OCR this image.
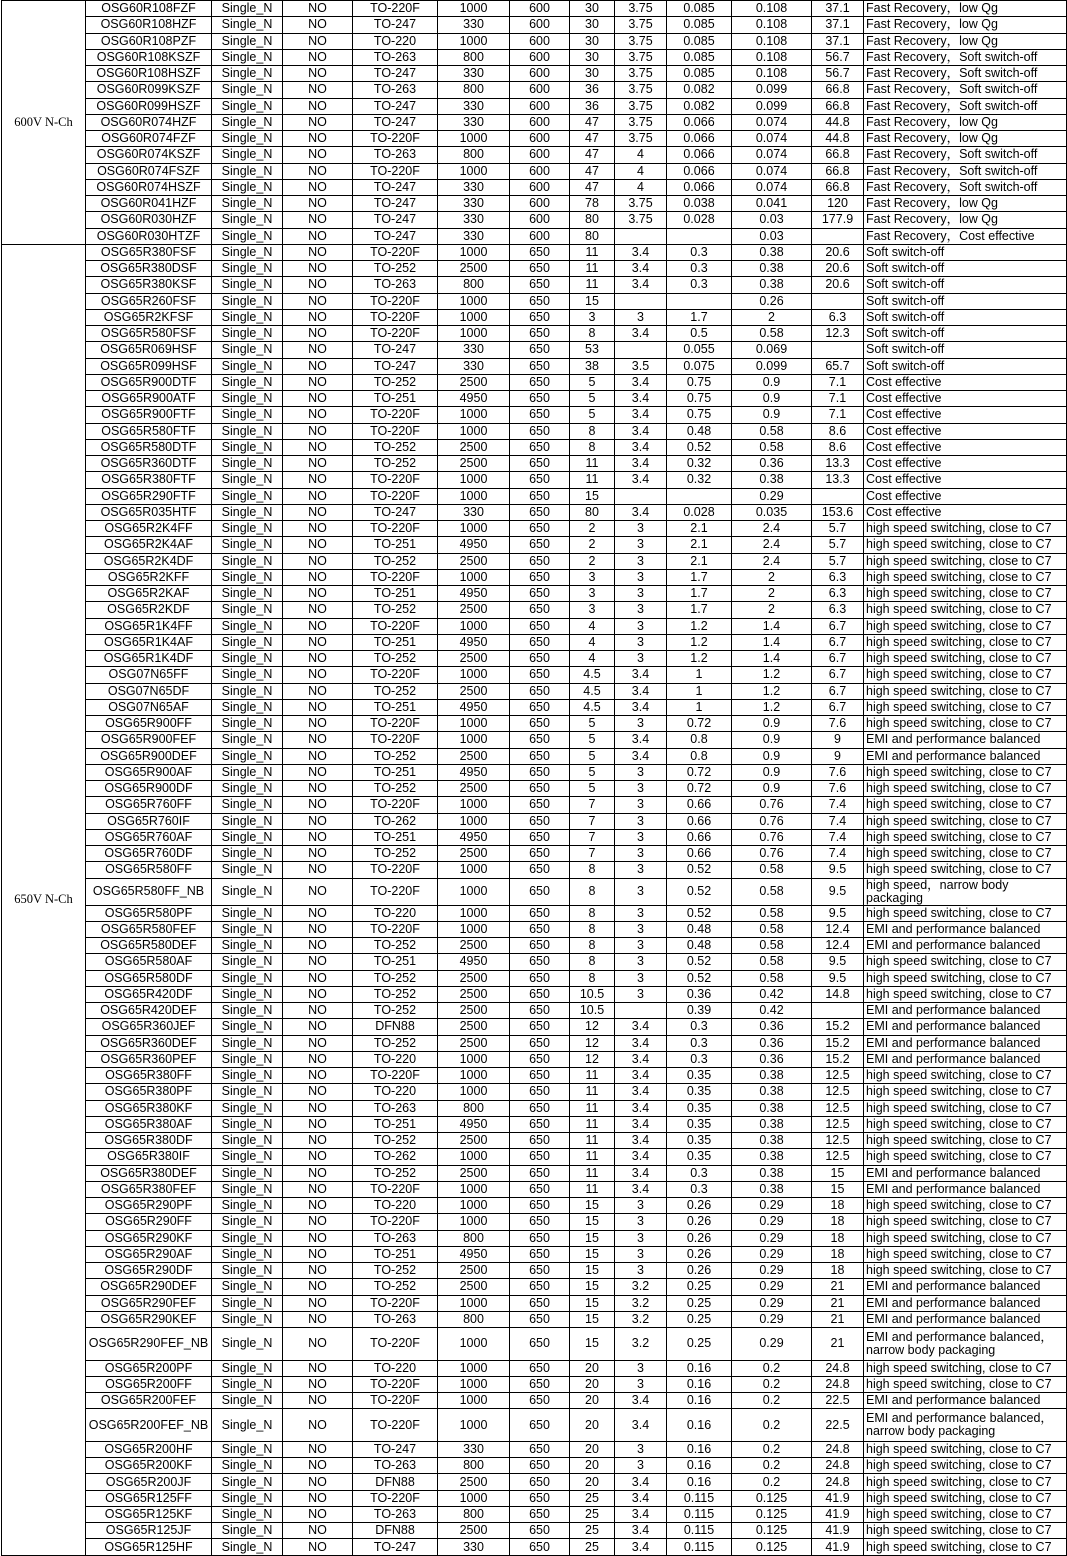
600V N-Ch	OSG60R108FZF	Single_N	NO	TO-220F	1000	600	30	3.75	0.085	0.108	37.1	Fast Recovery，low Qg
	OSG60R108HZF	Single_N	NO	TO-247	330	600	30	3.75	0.085	0.108	37.1	Fast Recovery，low Qg
	OSG60R108PZF	Single_N	NO	TO-220	1000	600	30	3.75	0.085	0.108	37.1	Fast Recovery，low Qg
	OSG60R108KSZF	Single_N	NO	TO-263	800	600	30	3.75	0.085	0.108	56.7	Fast Recovery，Soft switch-off
	OSG60R108HSZF	Single_N	NO	TO-247	330	600	30	3.75	0.085	0.108	56.7	Fast Recovery，Soft switch-off
	OSG60R099KSZF	Single_N	NO	TO-263	800	600	36	3.75	0.082	0.099	66.8	Fast Recovery，Soft switch-off
	OSG60R099HSZF	Single_N	NO	TO-247	330	600	36	3.75	0.082	0.099	66.8	Fast Recovery，Soft switch-off
	OSG60R074HZF	Single_N	NO	TO-247	330	600	47	3.75	0.066	0.074	44.8	Fast Recovery，low Qg
	OSG60R074FZF	Single_N	NO	TO-220F	1000	600	47	3.75	0.066	0.074	44.8	Fast Recovery，low Qg
	OSG60R074KSZF	Single_N	NO	TO-263	800	600	47	4	0.066	0.074	66.8	Fast Recovery，Soft switch-off
	OSG60R074FSZF	Single_N	NO	TO-220F	1000	600	47	4	0.066	0.074	66.8	Fast Recovery，Soft switch-off
	OSG60R074HSZF	Single_N	NO	TO-247	330	600	47	4	0.066	0.074	66.8	Fast Recovery，Soft switch-off
	OSG60R041HZF	Single_N	NO	TO-247	330	600	78	3.75	0.038	0.041	120	Fast Recovery，low Qg
	OSG60R030HZF	Single_N	NO	TO-247	330	600	80	3.75	0.028	0.03	177.9	Fast Recovery，low Qg
	OSG60R030HTZF	Single_N	NO	TO-247	330	600	80			0.03		Fast Recovery，Cost effective
650V N-Ch	OSG65R380FSF	Single_N	NO	TO-220F	1000	650	11	3.4	0.3	0.38	20.6	Soft switch-off
	OSG65R380DSF	Single_N	NO	TO-252	2500	650	11	3.4	0.3	0.38	20.6	Soft switch-off
	OSG65R380KSF	Single_N	NO	TO-263	800	650	11	3.4	0.3	0.38	20.6	Soft switch-off
	OSG65R260FSF	Single_N	NO	TO-220F	1000	650	15			0.26		Soft switch-off
	OSG65R2KFSF	Single_N	NO	TO-220F	1000	650	3	3	1.7	2	6.3	Soft switch-off
	OSG65R580FSF	Single_N	NO	TO-220F	1000	650	8	3.4	0.5	0.58	12.3	Soft switch-off
	OSG65R069HSF	Single_N	NO	TO-247	330	650	53		0.055	0.069		Soft switch-off
	OSG65R099HSF	Single_N	NO	TO-247	330	650	38	3.5	0.075	0.099	65.7	Soft switch-off
	OSG65R900DTF	Single_N	NO	TO-252	2500	650	5	3.4	0.75	0.9	7.1	Cost effective
	OSG65R900ATF	Single_N	NO	TO-251	4950	650	5	3.4	0.75	0.9	7.1	Cost effective
	OSG65R900FTF	Single_N	NO	TO-220F	1000	650	5	3.4	0.75	0.9	7.1	Cost effective
	OSG65R580FTF	Single_N	NO	TO-220F	1000	650	8	3.4	0.48	0.58	8.6	Cost effective
	OSG65R580DTF	Single_N	NO	TO-252	2500	650	8	3.4	0.52	0.58	8.6	Cost effective
	OSG65R360DTF	Single_N	NO	TO-252	2500	650	11	3.4	0.32	0.36	13.3	Cost effective
	OSG65R380FTF	Single_N	NO	TO-220F	1000	650	11	3.4	0.32	0.38	13.3	Cost effective
	OSG65R290FTF	Single_N	NO	TO-220F	1000	650	15			0.29		Cost effective
	OSG65R035HTF	Single_N	NO	TO-247	330	650	80	3.4	0.028	0.035	153.6	Cost effective
	OSG65R2K4FF	Single_N	NO	TO-220F	1000	650	2	3	2.1	2.4	5.7	high speed switching, close to C7
	OSG65R2K4AF	Single_N	NO	TO-251	4950	650	2	3	2.1	2.4	5.7	high speed switching, close to C7
	OSG65R2K4DF	Single_N	NO	TO-252	2500	650	2	3	2.1	2.4	5.7	high speed switching, close to C7
	OSG65R2KFF	Single_N	NO	TO-220F	1000	650	3	3	1.7	2	6.3	high speed switching, close to C7
	OSG65R2KAF	Single_N	NO	TO-251	4950	650	3	3	1.7	2	6.3	high speed switching, close to C7
	OSG65R2KDF	Single_N	NO	TO-252	2500	650	3	3	1.7	2	6.3	high speed switching, close to C7
	OSG65R1K4FF	Single_N	NO	TO-220F	1000	650	4	3	1.2	1.4	6.7	high speed switching, close to C7
	OSG65R1K4AF	Single_N	NO	TO-251	4950	650	4	3	1.2	1.4	6.7	high speed switching, close to C7
	OSG65R1K4DF	Single_N	NO	TO-252	2500	650	4	3	1.2	1.4	6.7	high speed switching, close to C7
	OSG07N65FF	Single_N	NO	TO-220F	1000	650	4.5	3.4	1	1.2	6.7	high speed switching, close to C7
	OSG07N65DF	Single_N	NO	TO-252	2500	650	4.5	3.4	1	1.2	6.7	high speed switching, close to C7
	OSG07N65AF	Single_N	NO	TO-251	4950	650	4.5	3.4	1	1.2	6.7	high speed switching, close to C7
	OSG65R900FF	Single_N	NO	TO-220F	1000	650	5	3	0.72	0.9	7.6	high speed switching, close to C7
	OSG65R900FEF	Single_N	NO	TO-220F	1000	650	5	3.4	0.8	0.9	9	EMI and performance balanced
	OSG65R900DEF	Single_N	NO	TO-252	2500	650	5	3.4	0.8	0.9	9	EMI and performance balanced
	OSG65R900AF	Single_N	NO	TO-251	4950	650	5	3	0.72	0.9	7.6	high speed switching, close to C7
	OSG65R900DF	Single_N	NO	TO-252	2500	650	5	3	0.72	0.9	7.6	high speed switching, close to C7
	OSG65R760FF	Single_N	NO	TO-220F	1000	650	7	3	0.66	0.76	7.4	high speed switching, close to C7
	OSG65R760IF	Single_N	NO	TO-262	1000	650	7	3	0.66	0.76	7.4	high speed switching, close to C7
	OSG65R760AF	Single_N	NO	TO-251	4950	650	7	3	0.66	0.76	7.4	high speed switching, close to C7
	OSG65R760DF	Single_N	NO	TO-252	2500	650	7	3	0.66	0.76	7.4	high speed switching, close to C7
	OSG65R580FF	Single_N	NO	TO-220F	1000	650	8	3	0.52	0.58	9.5	high speed switching, close to C7
	OSG65R580FF_NB	Single_N	NO	TO-220F	1000	650	8	3	0.52	0.58	9.5	high speed，narrow body packaging
	OSG65R580PF	Single_N	NO	TO-220	1000	650	8	3	0.52	0.58	9.5	high speed switching, close to C7
	OSG65R580FEF	Single_N	NO	TO-220F	1000	650	8	3	0.48	0.58	12.4	EMI and performance balanced
	OSG65R580DEF	Single_N	NO	TO-252	2500	650	8	3	0.48	0.58	12.4	EMI and performance balanced
	OSG65R580AF	Single_N	NO	TO-251	4950	650	8	3	0.52	0.58	9.5	high speed switching, close to C7
	OSG65R580DF	Single_N	NO	TO-252	2500	650	8	3	0.52	0.58	9.5	high speed switching, close to C7
	OSG65R420DF	Single_N	NO	TO-252	2500	650	10.5	3	0.36	0.42	14.8	high speed switching, close to C7
	OSG65R420DEF	Single_N	NO	TO-252	2500	650	10.5		0.39	0.42		EMI and performance balanced
	OSG65R360JEF	Single_N	NO	DFN88	2500	650	12	3.4	0.3	0.36	15.2	EMI and performance balanced
	OSG65R360DEF	Single_N	NO	TO-252	2500	650	12	3.4	0.3	0.36	15.2	EMI and performance balanced
	OSG65R360PEF	Single_N	NO	TO-220	1000	650	12	3.4	0.3	0.36	15.2	EMI and performance balanced
	OSG65R380FF	Single_N	NO	TO-220F	1000	650	11	3.4	0.35	0.38	12.5	high speed switching, close to C7
	OSG65R380PF	Single_N	NO	TO-220	1000	650	11	3.4	0.35	0.38	12.5	high speed switching, close to C7
	OSG65R380KF	Single_N	NO	TO-263	800	650	11	3.4	0.35	0.38	12.5	high speed switching, close to C7
	OSG65R380AF	Single_N	NO	TO-251	4950	650	11	3.4	0.35	0.38	12.5	high speed switching, close to C7
	OSG65R380DF	Single_N	NO	TO-252	2500	650	11	3.4	0.35	0.38	12.5	high speed switching, close to C7
	OSG65R380IF	Single_N	NO	TO-262	1000	650	11	3.4	0.35	0.38	12.5	high speed switching, close to C7
	OSG65R380DEF	Single_N	NO	TO-252	2500	650	11	3.4	0.3	0.38	15	EMI and performance balanced
	OSG65R380FEF	Single_N	NO	TO-220F	1000	650	11	3.4	0.3	0.38	15	EMI and performance balanced
	OSG65R290PF	Single_N	NO	TO-220	1000	650	15	3	0.26	0.29	18	high speed switching, close to C7
	OSG65R290FF	Single_N	NO	TO-220F	1000	650	15	3	0.26	0.29	18	high speed switching, close to C7
	OSG65R290KF	Single_N	NO	TO-263	800	650	15	3	0.26	0.29	18	high speed switching, close to C7
	OSG65R290AF	Single_N	NO	TO-251	4950	650	15	3	0.26	0.29	18	high speed switching, close to C7
	OSG65R290DF	Single_N	NO	TO-252	2500	650	15	3	0.26	0.29	18	high speed switching, close to C7
	OSG65R290DEF	Single_N	NO	TO-252	2500	650	15	3.2	0.25	0.29	21	EMI and performance balanced
	OSG65R290FEF	Single_N	NO	TO-220F	1000	650	15	3.2	0.25	0.29	21	EMI and performance balanced
	OSG65R290KEF	Single_N	NO	TO-263	800	650	15	3.2	0.25	0.29	21	EMI and performance balanced
	OSG65R290FEF_NB	Single_N	NO	TO-220F	1000	650	15	3.2	0.25	0.29	21	EMI and performance balanced，narrow body packaging
	OSG65R200PF	Single_N	NO	TO-220	1000	650	20	3	0.16	0.2	24.8	high speed switching, close to C7
	OSG65R200FF	Single_N	NO	TO-220F	1000	650	20	3	0.16	0.2	24.8	high speed switching, close to C7
	OSG65R200FEF	Single_N	NO	TO-220F	1000	650	20	3.4	0.16	0.2	22.5	EMI and performance balanced
	OSG65R200FEF_NB	Single_N	NO	TO-220F	1000	650	20	3.4	0.16	0.2	22.5	EMI and performance balanced，narrow body packaging
	OSG65R200HF	Single_N	NO	TO-247	330	650	20	3	0.16	0.2	24.8	high speed switching, close to C7
	OSG65R200KF	Single_N	NO	TO-263	800	650	20	3	0.16	0.2	24.8	high speed switching, close to C7
	OSG65R200JF	Single_N	NO	DFN88	2500	650	20	3.4	0.16	0.2	24.8	high speed switching, close to C7
	OSG65R125FF	Single_N	NO	TO-220F	1000	650	25	3.4	0.115	0.125	41.9	high speed switching, close to C7
	OSG65R125KF	Single_N	NO	TO-263	800	650	25	3.4	0.115	0.125	41.9	high speed switching, close to C7
	OSG65R125JF	Single_N	NO	DFN88	2500	650	25	3.4	0.115	0.125	41.9	high speed switching, close to C7
	OSG65R125HF	Single_N	NO	TO-247	330	650	25	3.4	0.115	0.125	41.9	high speed switching, close to C7
